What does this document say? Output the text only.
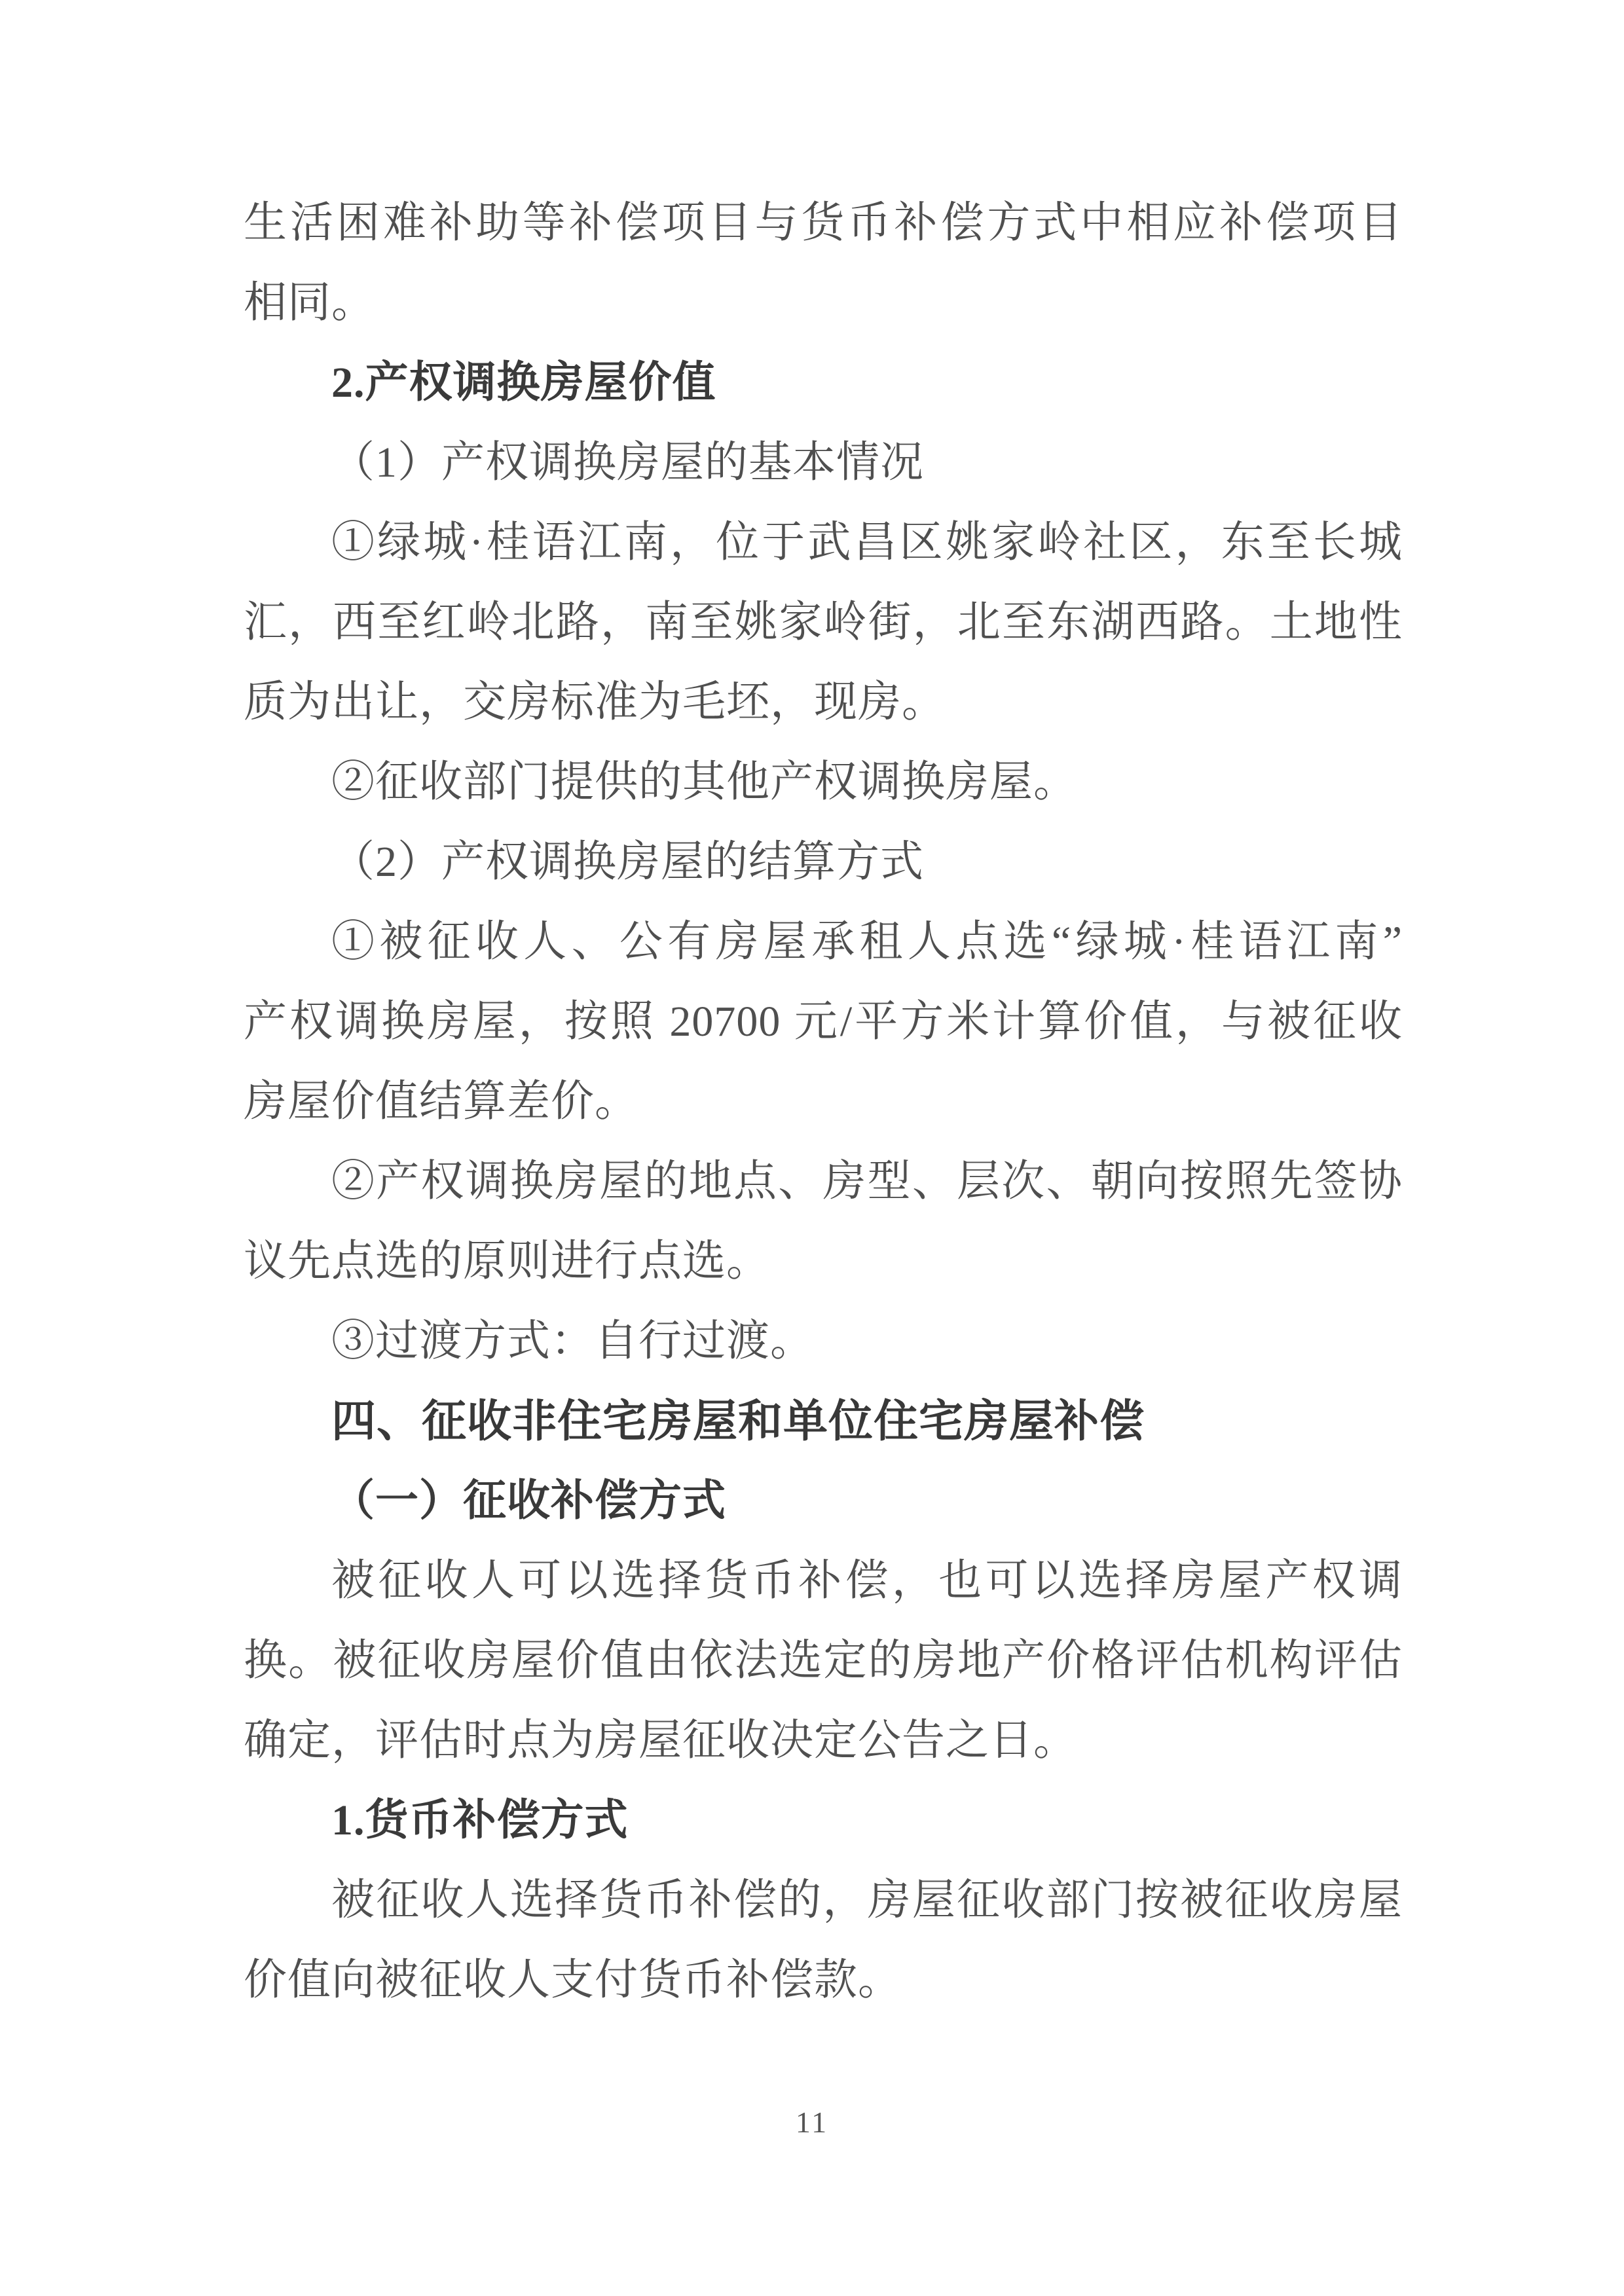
生活困难补助等补偿项目与货币补偿方式中相应补偿项目
相同。
2.产权调换房屋价值
（1）产权调换房屋的基本情况
①绿城·桂语江南，位于武昌区姚家岭社区，东至长城
汇，西至红岭北路，南至姚家岭街，北至东湖西路。土地性
质为出让，交房标准为毛坯，现房。
②征收部门提供的其他产权调换房屋。
（2）产权调换房屋的结算方式
①被征收人、公有房屋承租人点选“绿城·桂语江南”
产权调换房屋，按照 20700 元/平方米计算价值，与被征收
房屋价值结算差价。
②产权调换房屋的地点、房型、层次、朝向按照先签协
议先点选的原则进行点选。
③过渡方式：自行过渡。
四、征收非住宅房屋和单位住宅房屋补偿
（一）征收补偿方式
被征收人可以选择货币补偿，也可以选择房屋产权调
换。被征收房屋价值由依法选定的房地产价格评估机构评估
确定，评估时点为房屋征收决定公告之日。
1.货币补偿方式
被征收人选择货币补偿的，房屋征收部门按被征收房屋
价值向被征收人支付货币补偿款。
11
